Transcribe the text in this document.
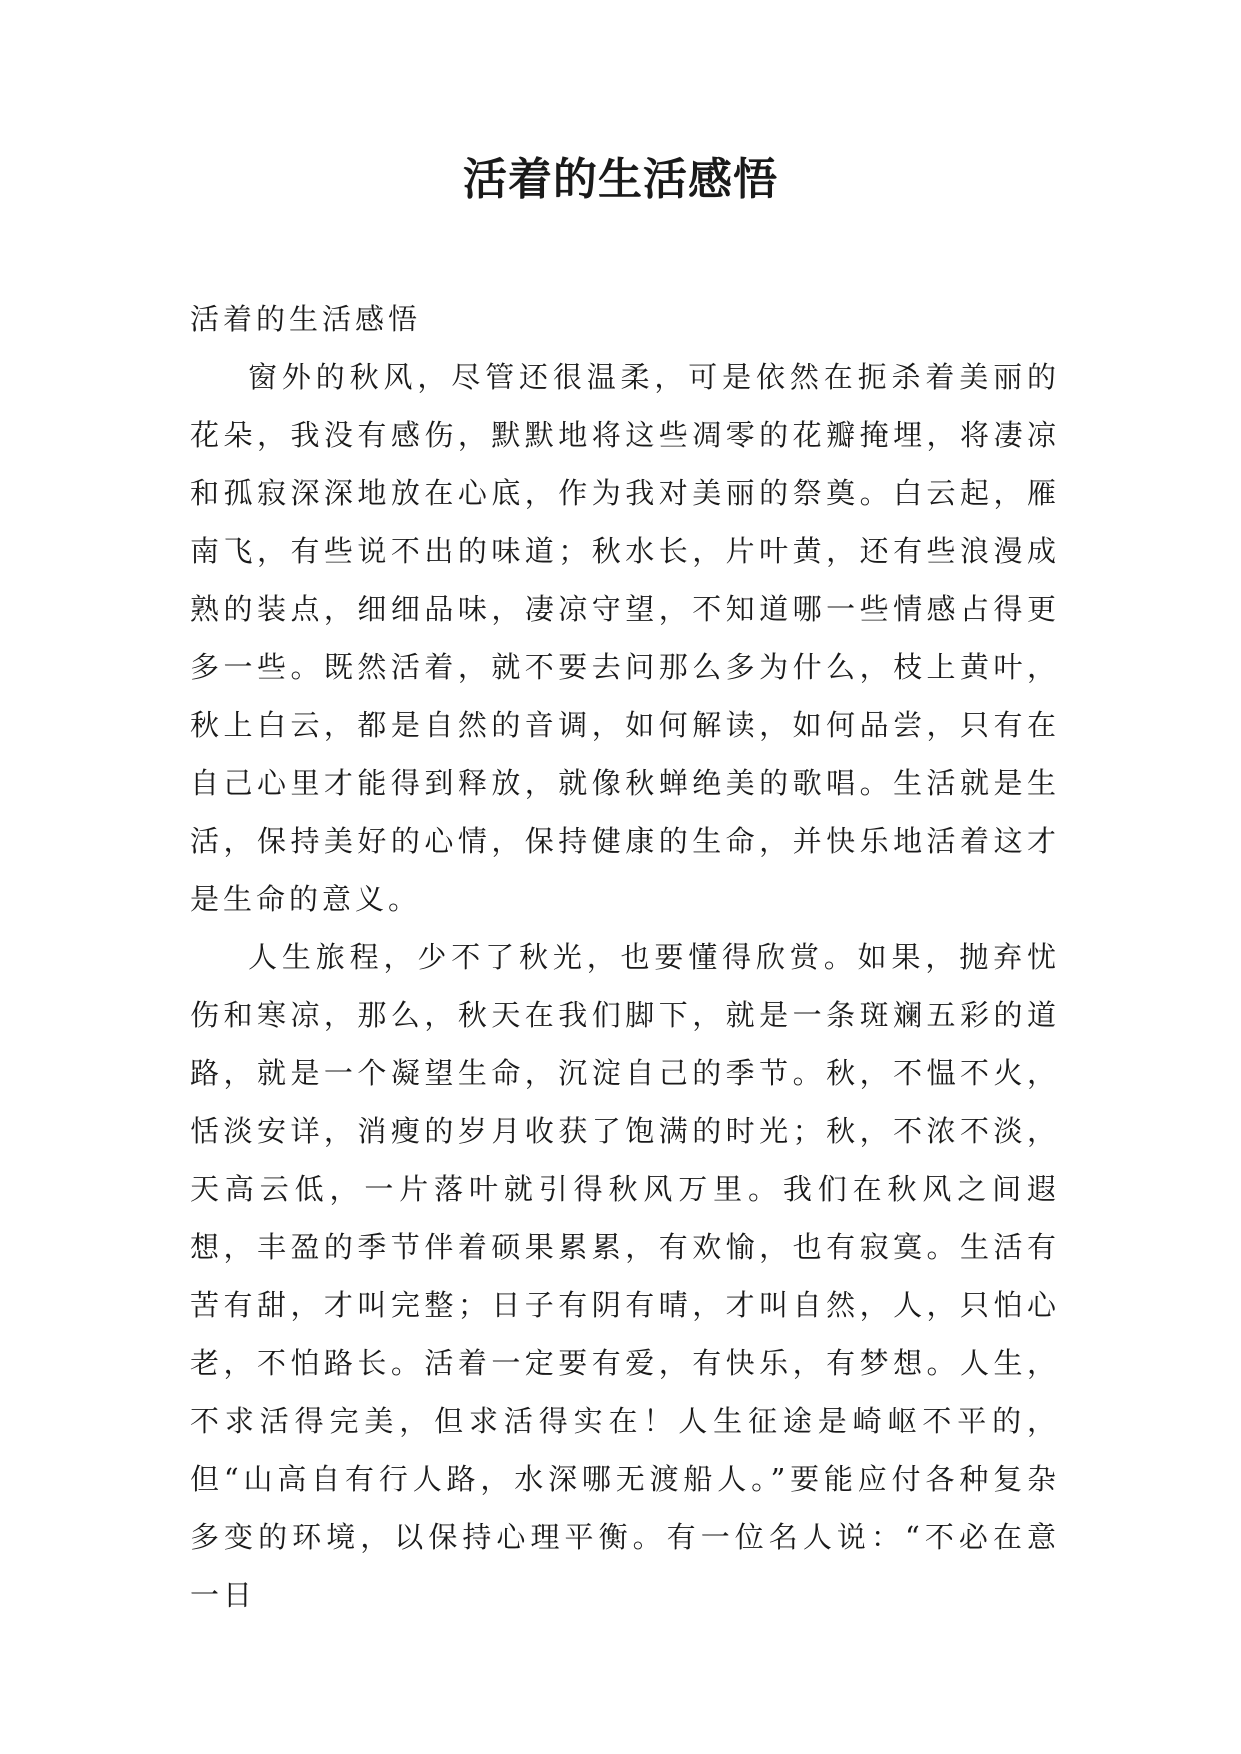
活着的生活感悟

活着的生活感悟

窗外的秋风，尽管还很温柔，可是依然在扼杀着美丽的花朵，我没有感伤，默默地将这些凋零的花瓣掩埋，将凄凉和孤寂深深地放在心底，作为我对美丽的祭奠。白云起，雁南飞，有些说不出的味道；秋水长，片叶黄，还有些浪漫成熟的装点，细细品味，凄凉守望，不知道哪一些情感占得更多一些。既然活着，就不要去问那么多为什么，枝上黄叶，秋上白云，都是自然的音调，如何解读，如何品尝，只有在自己心里才能得到释放，就像秋蝉绝美的歌唱。生活就是生活，保持美好的心情，保持健康的生命，并快乐地活着这才是生命的意义。

人生旅程，少不了秋光，也要懂得欣赏。如果，抛弃忧伤和寒凉，那么，秋天在我们脚下，就是一条斑斓五彩的道路，就是一个凝望生命，沉淀自己的季节。秋，不愠不火，恬淡安详，消瘦的岁月收获了饱满的时光；秋，不浓不淡，天高云低，一片落叶就引得秋风万里。我们在秋风之间遐想，丰盈的季节伴着硕果累累，有欢愉，也有寂寞。生活有苦有甜，才叫完整；日子有阴有晴，才叫自然，人，只怕心老，不怕路长。活着一定要有爱，有快乐，有梦想。人生，不求活得完美，但求活得实在！人生征途是崎岖不平的，但“山高自有行人路，水深哪无渡船人。”要能应付各种复杂多变的环境，以保持心理平衡。有一位名人说：“不必在意一日
